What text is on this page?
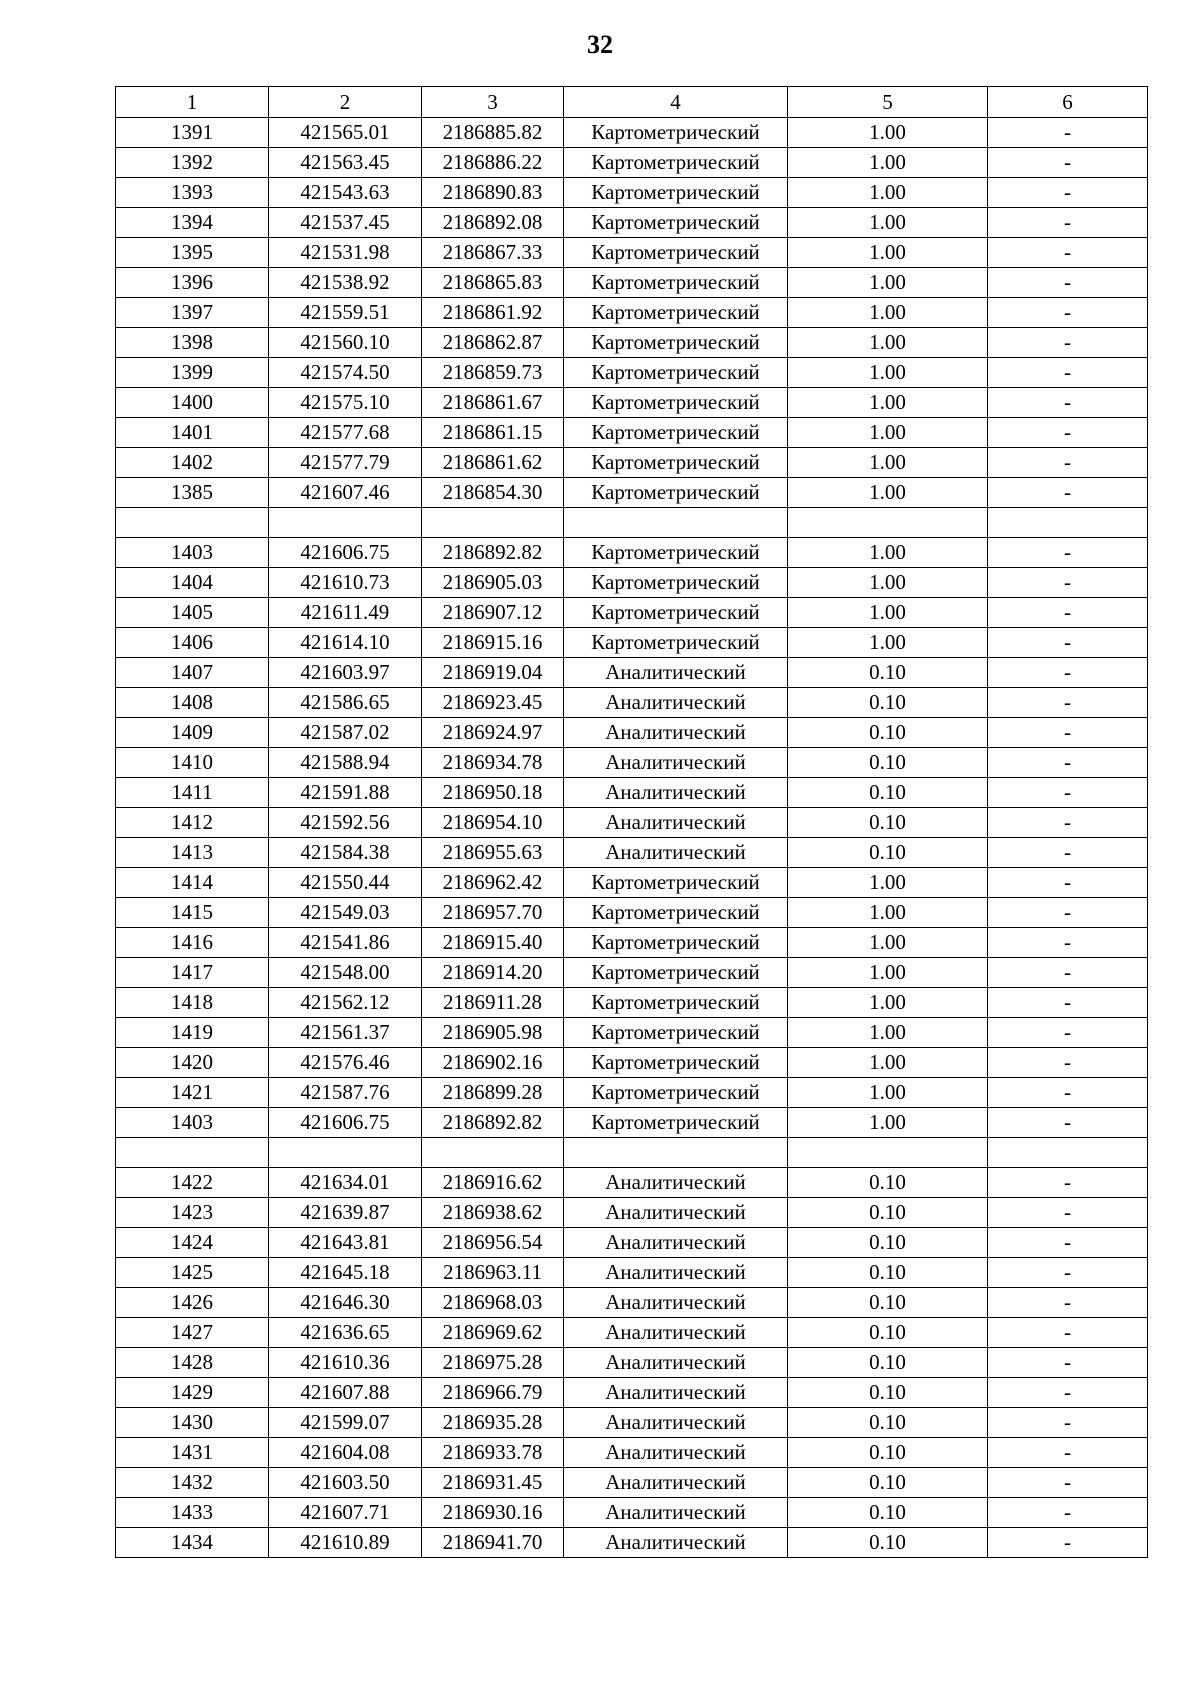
32
1	2	3	4	5	6
1391	421565.01	2186885.82	Картометрический	1.00	-
1392	421563.45	2186886.22	Картометрический	1.00	-
1393	421543.63	2186890.83	Картометрический	1.00	-
1394	421537.45	2186892.08	Картометрический	1.00	-
1395	421531.98	2186867.33	Картометрический	1.00	-
1396	421538.92	2186865.83	Картометрический	1.00	-
1397	421559.51	2186861.92	Картометрический	1.00	-
1398	421560.10	2186862.87	Картометрический	1.00	-
1399	421574.50	2186859.73	Картометрический	1.00	-
1400	421575.10	2186861.67	Картометрический	1.00	-
1401	421577.68	2186861.15	Картометрический	1.00	-
1402	421577.79	2186861.62	Картометрический	1.00	-
1385	421607.46	2186854.30	Картометрический	1.00	-

1403	421606.75	2186892.82	Картометрический	1.00	-
1404	421610.73	2186905.03	Картометрический	1.00	-
1405	421611.49	2186907.12	Картометрический	1.00	-
1406	421614.10	2186915.16	Картометрический	1.00	-
1407	421603.97	2186919.04	Аналитический	0.10	-
1408	421586.65	2186923.45	Аналитический	0.10	-
1409	421587.02	2186924.97	Аналитический	0.10	-
1410	421588.94	2186934.78	Аналитический	0.10	-
1411	421591.88	2186950.18	Аналитический	0.10	-
1412	421592.56	2186954.10	Аналитический	0.10	-
1413	421584.38	2186955.63	Аналитический	0.10	-
1414	421550.44	2186962.42	Картометрический	1.00	-
1415	421549.03	2186957.70	Картометрический	1.00	-
1416	421541.86	2186915.40	Картометрический	1.00	-
1417	421548.00	2186914.20	Картометрический	1.00	-
1418	421562.12	2186911.28	Картометрический	1.00	-
1419	421561.37	2186905.98	Картометрический	1.00	-
1420	421576.46	2186902.16	Картометрический	1.00	-
1421	421587.76	2186899.28	Картометрический	1.00	-
1403	421606.75	2186892.82	Картометрический	1.00	-

1422	421634.01	2186916.62	Аналитический	0.10	-
1423	421639.87	2186938.62	Аналитический	0.10	-
1424	421643.81	2186956.54	Аналитический	0.10	-
1425	421645.18	2186963.11	Аналитический	0.10	-
1426	421646.30	2186968.03	Аналитический	0.10	-
1427	421636.65	2186969.62	Аналитический	0.10	-
1428	421610.36	2186975.28	Аналитический	0.10	-
1429	421607.88	2186966.79	Аналитический	0.10	-
1430	421599.07	2186935.28	Аналитический	0.10	-
1431	421604.08	2186933.78	Аналитический	0.10	-
1432	421603.50	2186931.45	Аналитический	0.10	-
1433	421607.71	2186930.16	Аналитический	0.10	-
1434	421610.89	2186941.70	Аналитический	0.10	-
